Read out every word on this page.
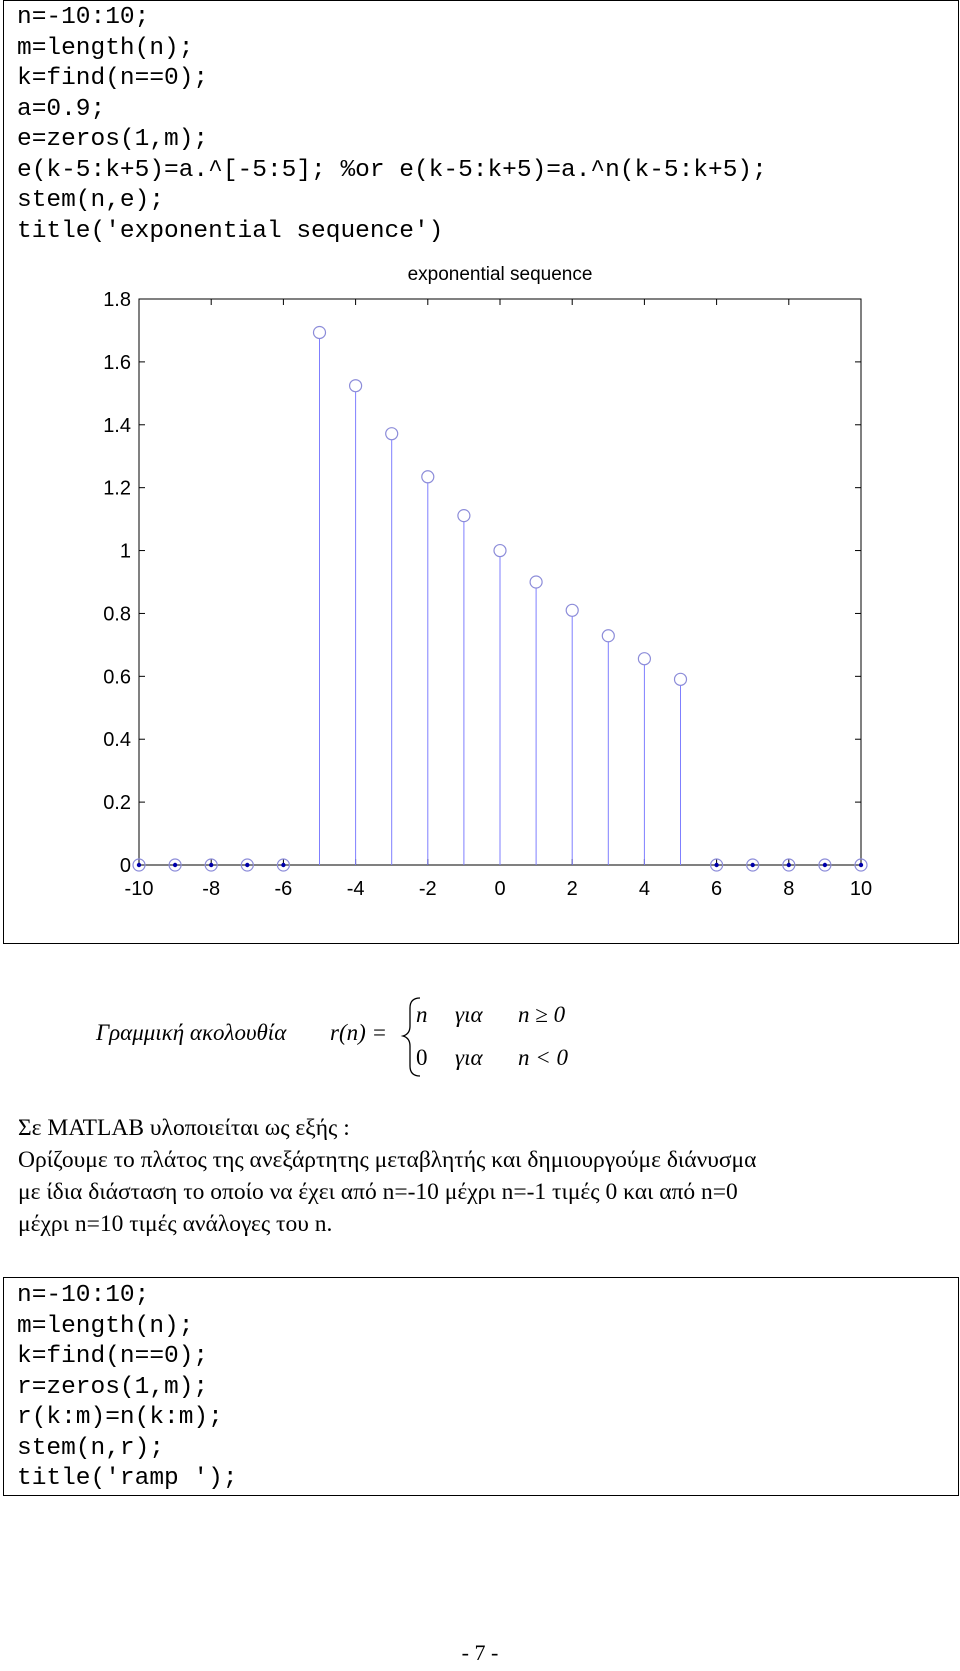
n=-10:10;
m=length(n);
k=find(n==0);
a=0.9;
e=zeros(1,m);
e(k-5:k+5)=a.^[-5:5]; %or e(k-5:k+5)=a.^n(k-5:k+5);
stem(n,e);
title('exponential sequence')
exponential sequence
0
0.2
0.4
0.6
0.8
1
1.2
1.4
1.6
1.8
-10 -8	-6	-4	-2	0	2	4	6	8	10
Γραμμική ακολουθία r(n) =
n για n ≥ 0
0 για n < 0
Σε MATLAB υλοποιείται ως εξής :
Ορίζουμε το πλάτος της ανεξάρτητης μεταβλητής και δημιουργούμε διάνυσμα
με ίδια διάσταση το οποίο να έχει από n=-10 μέχρι n=-1 τιμές 0 και από n=0
μέχρι n=10 τιμές ανάλογες του n.
n=-10:10;
m=length(n);
k=find(n==0);
r=zeros(1,m);
r(k:m)=n(k:m);
stem(n,r);
title('ramp ');
- 7 -
